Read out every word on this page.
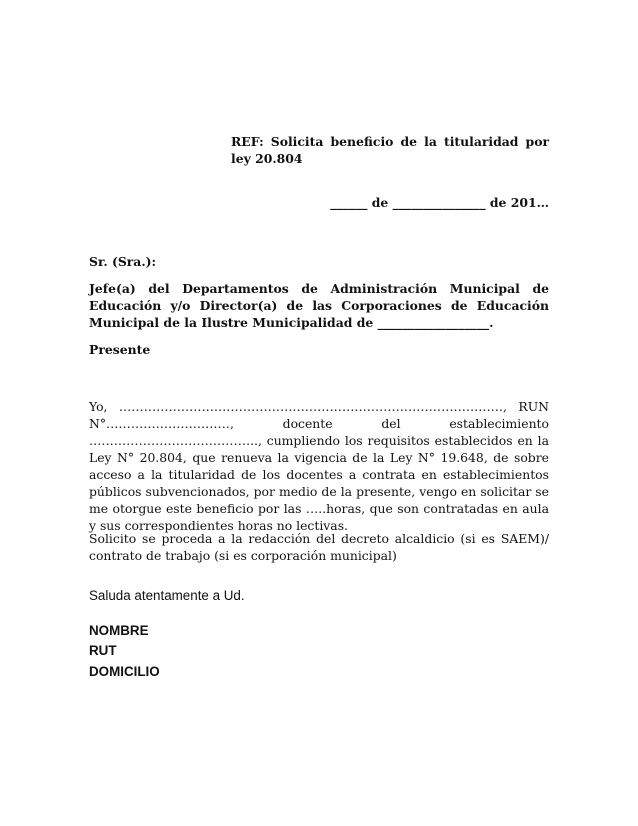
REF: Solicita beneficio de la titularidad por ley 20.804

______ de _______________ de 201…

Sr. (Sra.):

Jefe(a) del Departamentos de Administración Municipal de Educación y/o Director(a) de las Corporaciones de Educación Municipal de la Ilustre Municipalidad de __________________.

Presente

Yo, …………………………………………………………………………………, RUN N°…………………………, docente del establecimiento ………………………………….., cumpliendo los requisitos establecidos en la Ley N° 20.804, que renueva la vigencia de la Ley N° 19.648, de sobre acceso a la titularidad de los docentes a contrata en establecimientos públicos subvencionados, por medio de la presente, vengo en solicitar se me otorgue este beneficio por las …..horas, que son contratadas en aula y sus correspondientes horas no lectivas.

Solicito se proceda a la redacción del decreto alcaldicio (si es SAEM)/ contrato de trabajo (si es corporación municipal)

Saluda atentamente a Ud.

NOMBRE

RUT

DOMICILIO
